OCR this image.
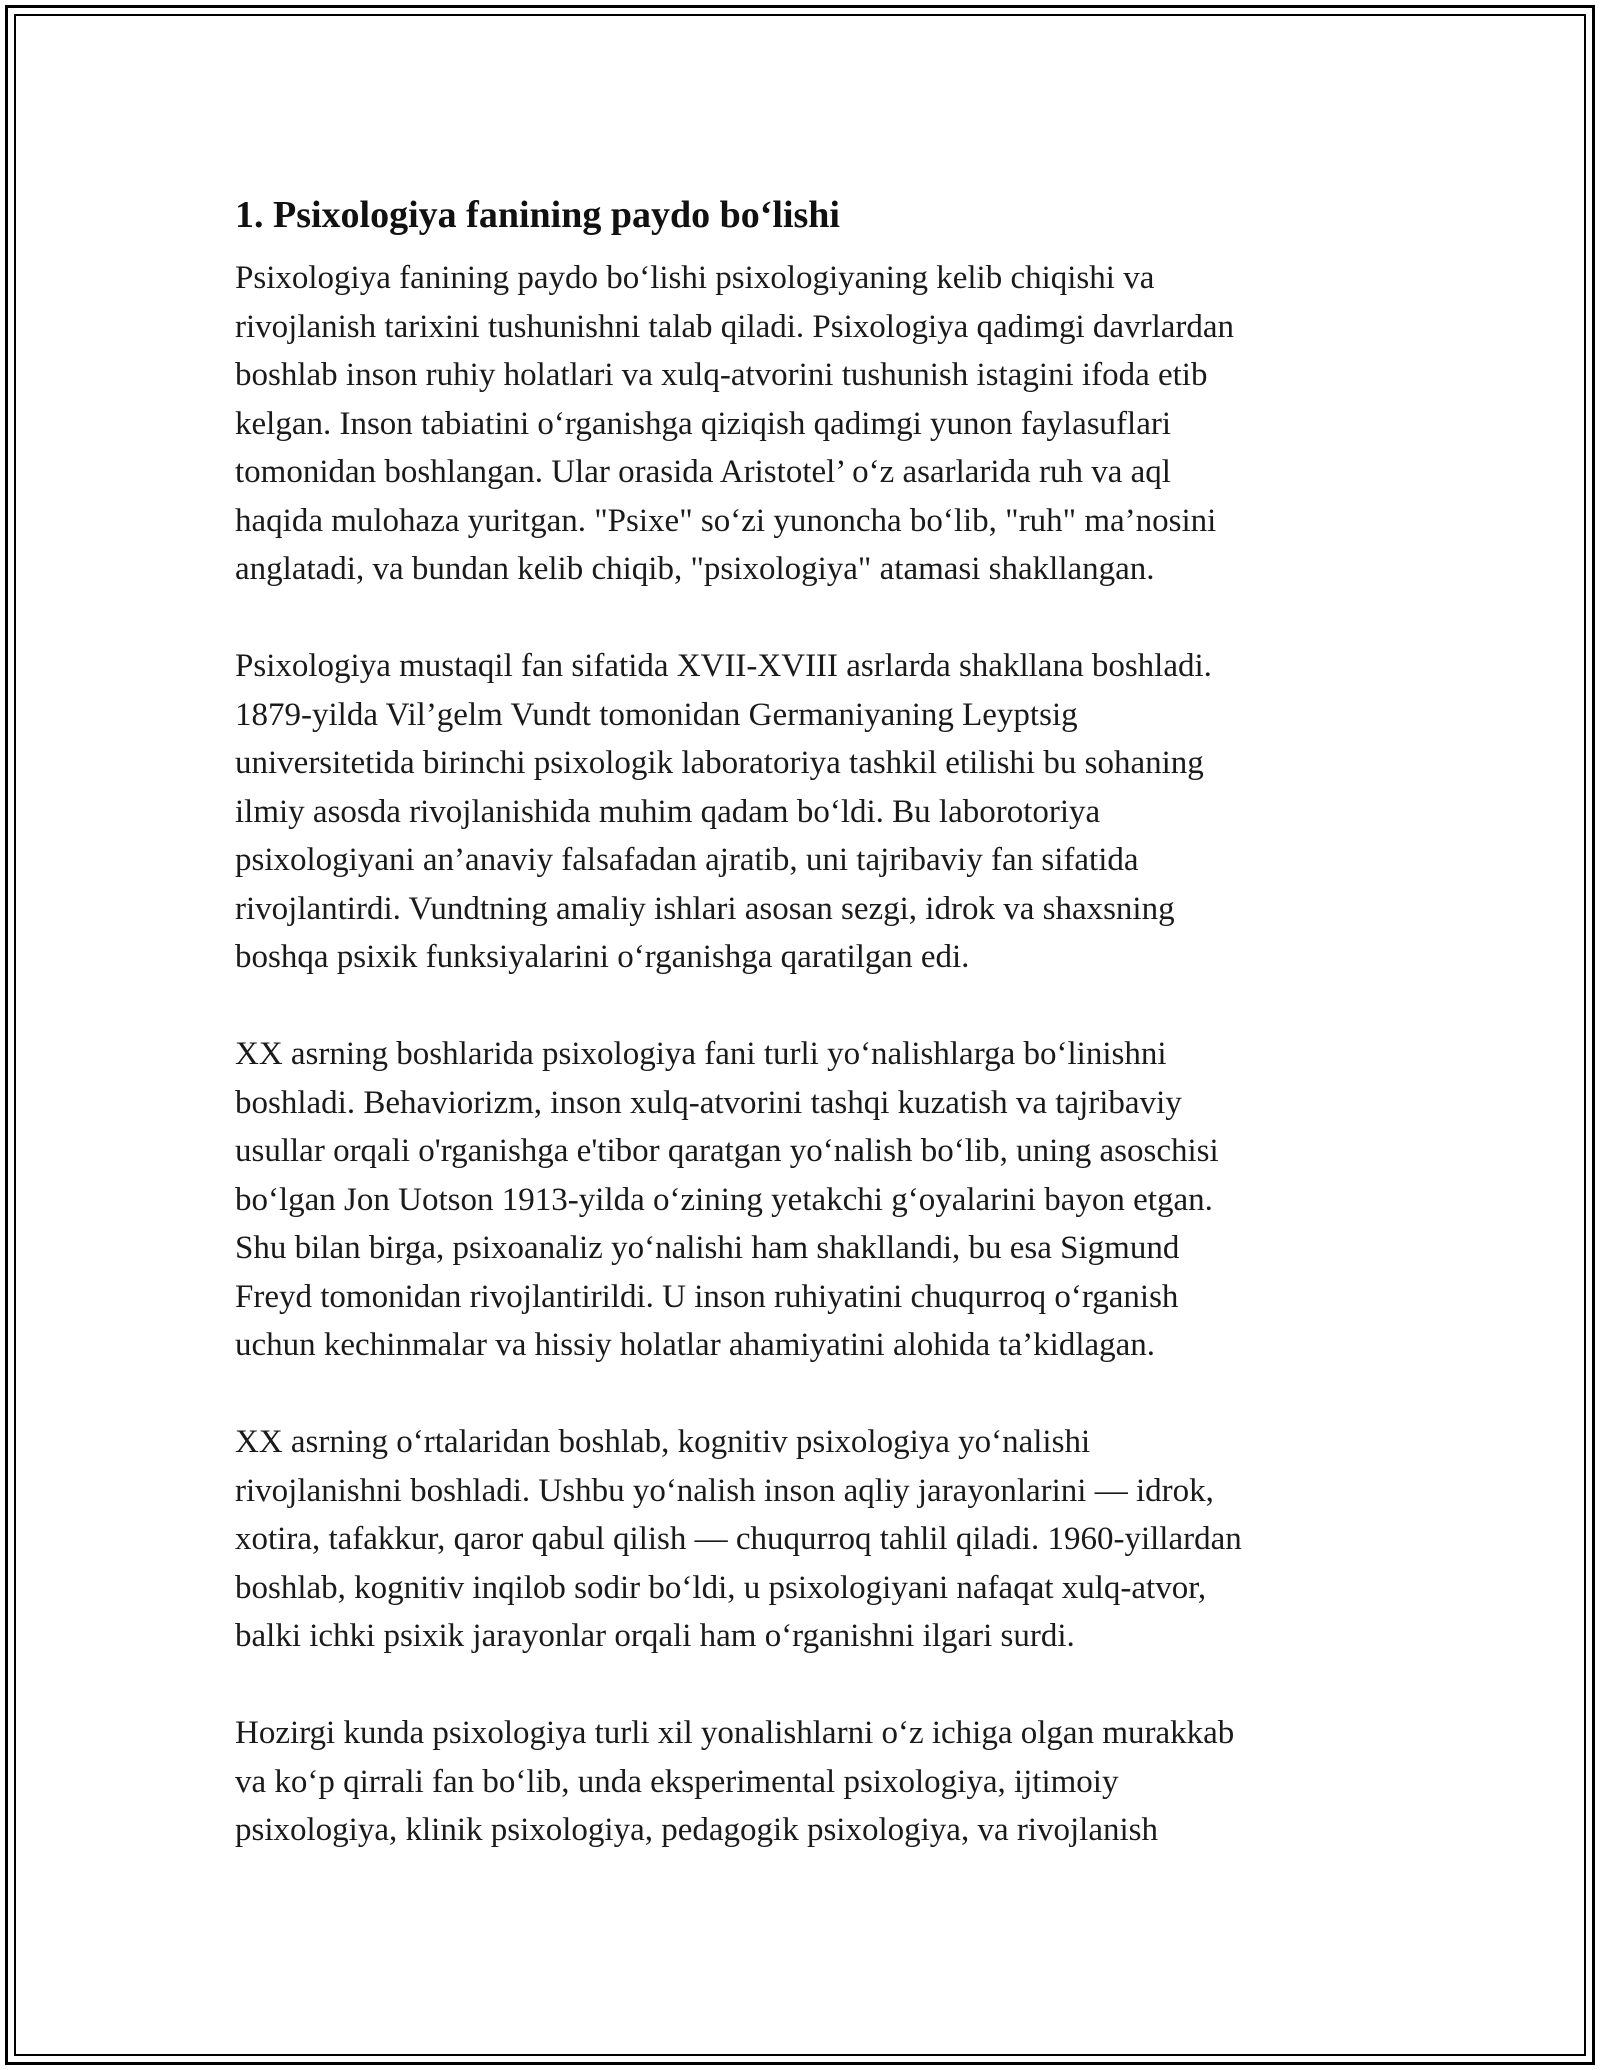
1. Psixologiya fanining paydo bo‘lishi
Psixologiya fanining paydo bo‘lishi psixologiyaning kelib chiqishi va
rivojlanish tarixini tushunishni talab qiladi. Psixologiya qadimgi davrlardan
boshlab inson ruhiy holatlari va xulq-atvorini tushunish istagini ifoda etib
kelgan. Inson tabiatini o‘rganishga qiziqish qadimgi yunon faylasuflari
tomonidan boshlangan. Ular orasida Aristotel’ o‘z asarlarida ruh va aql
haqida mulohaza yuritgan. "Psixe" so‘zi yunoncha bo‘lib, "ruh" ma’nosini
anglatadi, va bundan kelib chiqib, "psixologiya" atamasi shakllangan.
Psixologiya mustaqil fan sifatida XVII-XVIII asrlarda shakllana boshladi.
1879-yilda Vil’gelm Vundt tomonidan Germaniyaning Leyptsig
universitetida birinchi psixologik laboratoriya tashkil etilishi bu sohaning
ilmiy asosda rivojlanishida muhim qadam bo‘ldi. Bu laborotoriya
psixologiyani an’anaviy falsafadan ajratib, uni tajribaviy fan sifatida
rivojlantirdi. Vundtning amaliy ishlari asosan sezgi, idrok va shaxsning
boshqa psixik funksiyalarini o‘rganishga qaratilgan edi.
XX asrning boshlarida psixologiya fani turli yo‘nalishlarga bo‘linishni
boshladi. Behaviorizm, inson xulq-atvorini tashqi kuzatish va tajribaviy
usullar orqali o'rganishga e'tibor qaratgan yo‘nalish bo‘lib, uning asoschisi
bo‘lgan Jon Uotson 1913-yilda o‘zining yetakchi g‘oyalarini bayon etgan.
Shu bilan birga, psixoanaliz yo‘nalishi ham shakllandi, bu esa Sigmund
Freyd tomonidan rivojlantirildi. U inson ruhiyatini chuqurroq o‘rganish
uchun kechinmalar va hissiy holatlar ahamiyatini alohida ta’kidlagan.
XX asrning o‘rtalaridan boshlab, kognitiv psixologiya yo‘nalishi
rivojlanishni boshladi. Ushbu yo‘nalish inson aqliy jarayonlarini — idrok,
xotira, tafakkur, qaror qabul qilish — chuqurroq tahlil qiladi. 1960-yillardan
boshlab, kognitiv inqilob sodir bo‘ldi, u psixologiyani nafaqat xulq-atvor,
balki ichki psixik jarayonlar orqali ham o‘rganishni ilgari surdi.
Hozirgi kunda psixologiya turli xil yonalishlarni o‘z ichiga olgan murakkab
va ko‘p qirrali fan bo‘lib, unda eksperimental psixologiya, ijtimoiy
psixologiya, klinik psixologiya, pedagogik psixologiya, va rivojlanish
